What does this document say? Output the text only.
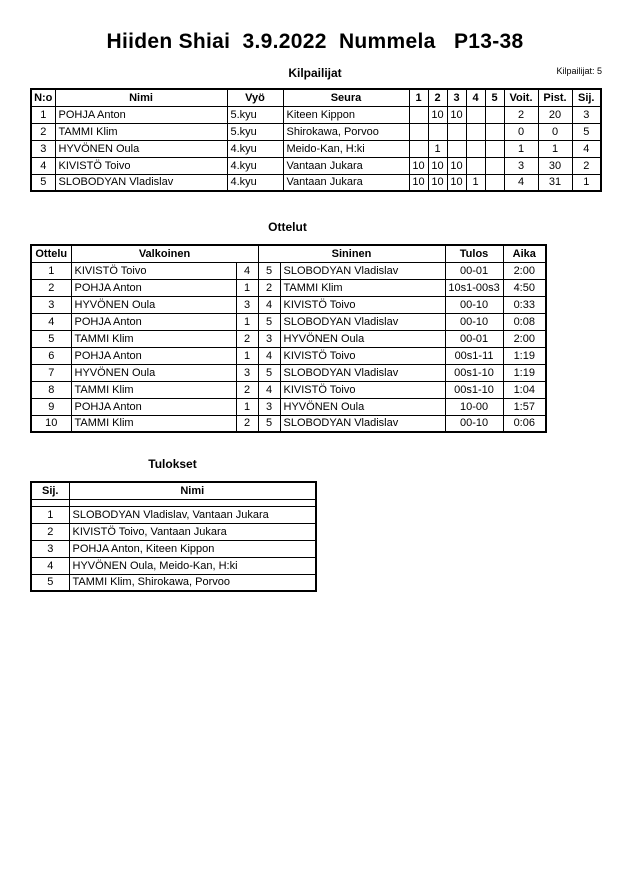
Hiiden Shiai  3.9.2022  Nummela   P13-38
Kilpailijat	Kilpailijat: 5
N:o	Nimi	Vyö	Seura	1	2	3	4	5	Voit.	Pist.	Sij.
1	POHJA Anton	5.kyu	Kiteen Kippon		10	10			2	20	3
2	TAMMI Klim	5.kyu	Shirokawa, Porvoo						0	0	5
3	HYVÖNEN Oula	4.kyu	Meido-Kan, H:ki		1				1	1	4
4	KIVISTÖ Toivo	4.kyu	Vantaan Jukara	10	10	10			3	30	2
5	SLOBODYAN Vladislav	4.kyu	Vantaan Jukara	10	10	10	1		4	31	1
Ottelut
Ottelu	Valkoinen		Sininen		Tulos	Aika
1	KIVISTÖ Toivo	4	5	SLOBODYAN Vladislav	00-01	2:00
2	POHJA Anton	1	2	TAMMI Klim	10s1-00s3	4:50
3	HYVÖNEN Oula	3	4	KIVISTÖ Toivo	00-10	0:33
4	POHJA Anton	1	5	SLOBODYAN Vladislav	00-10	0:08
5	TAMMI Klim	2	3	HYVÖNEN Oula	00-01	2:00
6	POHJA Anton	1	4	KIVISTÖ Toivo	00s1-11	1:19
7	HYVÖNEN Oula	3	5	SLOBODYAN Vladislav	00s1-10	1:19
8	TAMMI Klim	2	4	KIVISTÖ Toivo	00s1-10	1:04
9	POHJA Anton	1	3	HYVÖNEN Oula	10-00	1:57
10	TAMMI Klim	2	5	SLOBODYAN Vladislav	00-10	0:06
Tulokset
Sij.	Nimi

1	SLOBODYAN Vladislav, Vantaan Jukara
2	KIVISTÖ Toivo, Vantaan Jukara
3	POHJA Anton, Kiteen Kippon
4	HYVÖNEN Oula, Meido-Kan, H:ki
5	TAMMI Klim, Shirokawa, Porvoo
